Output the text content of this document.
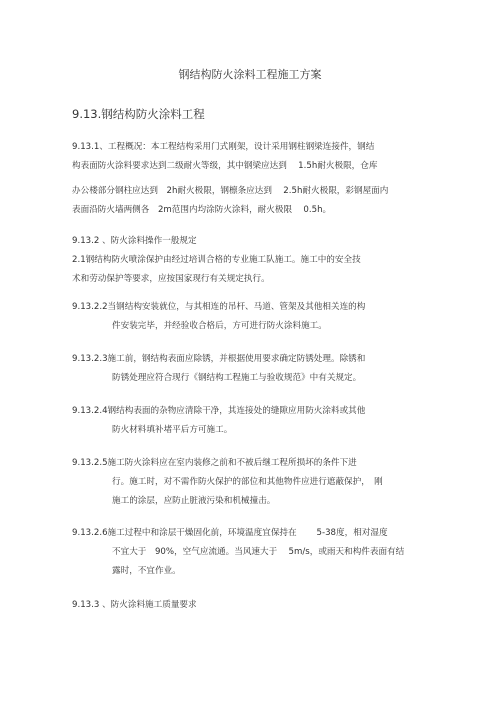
钢结构防火涂料工程施工方案
9.13.钢结构防火涂料工程

9.13.1、工程概况：本工程结构采用门式刚架，设计采用钢柱钢梁连接件，钢结

构表面防火涂料要求达到二级耐火等级，其中钢梁应达到　 1.5h耐火极限，仓库

办公楼部分钢柱应达到　2h耐火极限，钢檩条应达到　 2.5h耐火极限，彩钢屋面内

表面沿防火墙两侧各　2m范围内均涂防火涂料，耐火极限　 0.5h。

9.13.2 、防火涂料操作一般规定

2.1钢结构防火喷涂保护由经过培训合格的专业施工队施工。施工中的安全技

术和劳动保护等要求，应按国家现行有关规定执行。

9.13.2.2当钢结构安装就位，与其相连的吊杆、马道、管架及其他相关连的构

件安装完毕，并经验收合格后，方可进行防火涂料施工。

9.13.2.3施工前，钢结构表面应除锈，并根据使用要求确定防锈处理。除锈和

防锈处理应符合现行《钢结构工程施工与验收规范》中有关规定。

9.13.2.4钢结构表面的杂物应清除干净，其连接处的缝隙应用防火涂料或其他

防火材料填补堵平后方可施工。

9.13.2.5施工防火涂料应在室内装修之前和不被后继工程所损坏的条件下进

行。施工时，对不需作防火保护的部位和其他物件应进行遮蔽保护，　刚

施工的涂层，应防止脏液污染和机械撞击。

9.13.2.6施工过程中和涂层干燥固化前，环境温度宜保持在　　 5-38度，相对湿度

不宜大于　90%，空气应流通。当风速大于　 5m/s，或雨天和构件表面有结

露时，不宜作业。

9.13.3 、防火涂料施工质量要求
